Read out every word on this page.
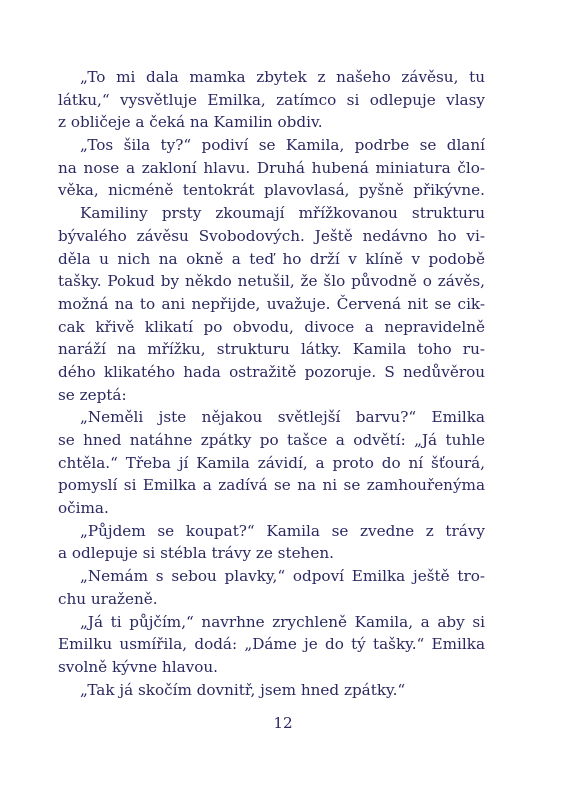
„To mi dala mamka zbytek z našeho závěsu, tu
látku,“ vysvětluje Emilka, zatímco si odlepuje vlasy
z obličeje a čeká na Kamilin obdiv.
„Tos šila ty?“ podiví se Kamila, podrbe se dlaní
na nose a zakloní hlavu. Druhá hubená miniatura člo-
věka, nicméně tentokrát plavovlasá, pyšně přikývne.
Kamiliny prsty zkoumají mřížkovanou strukturu
bývalého závěsu Svobodových. Ještě nedávno ho vi-
děla u nich na okně a teď ho drží v klíně v podobě
tašky. Pokud by někdo netušil, že šlo původně o závěs,
možná na to ani nepřijde, uvažuje. Červená nit se cik-
cak křivě klikatí po obvodu, divoce a nepravidelně
naráží na mřížku, strukturu látky. Kamila toho ru-
dého klikatého hada ostražitě pozoruje. S nedůvěrou
se zeptá:
„Neměli jste nějakou světlejší barvu?“ Emilka
se hned natáhne zpátky po tašce a odvětí: „Já tuhle
chtěla.“ Třeba jí Kamila závidí, a proto do ní šťourá,
pomyslí si Emilka a zadívá se na ni se zamhouřenýma
očima.
„Půjdem se koupat?“ Kamila se zvedne z trávy
a odlepuje si stébla trávy ze stehen.
„Nemám s sebou plavky,“ odpoví Emilka ještě tro-
chu uraženě.
„Já ti půjčím,“ navrhne zrychleně Kamila, a aby si
Emilku usmířila, dodá: „Dáme je do tý tašky.“ Emilka
svolně kývne hlavou.
„Tak já skočím dovnitř, jsem hned zpátky.“
12
